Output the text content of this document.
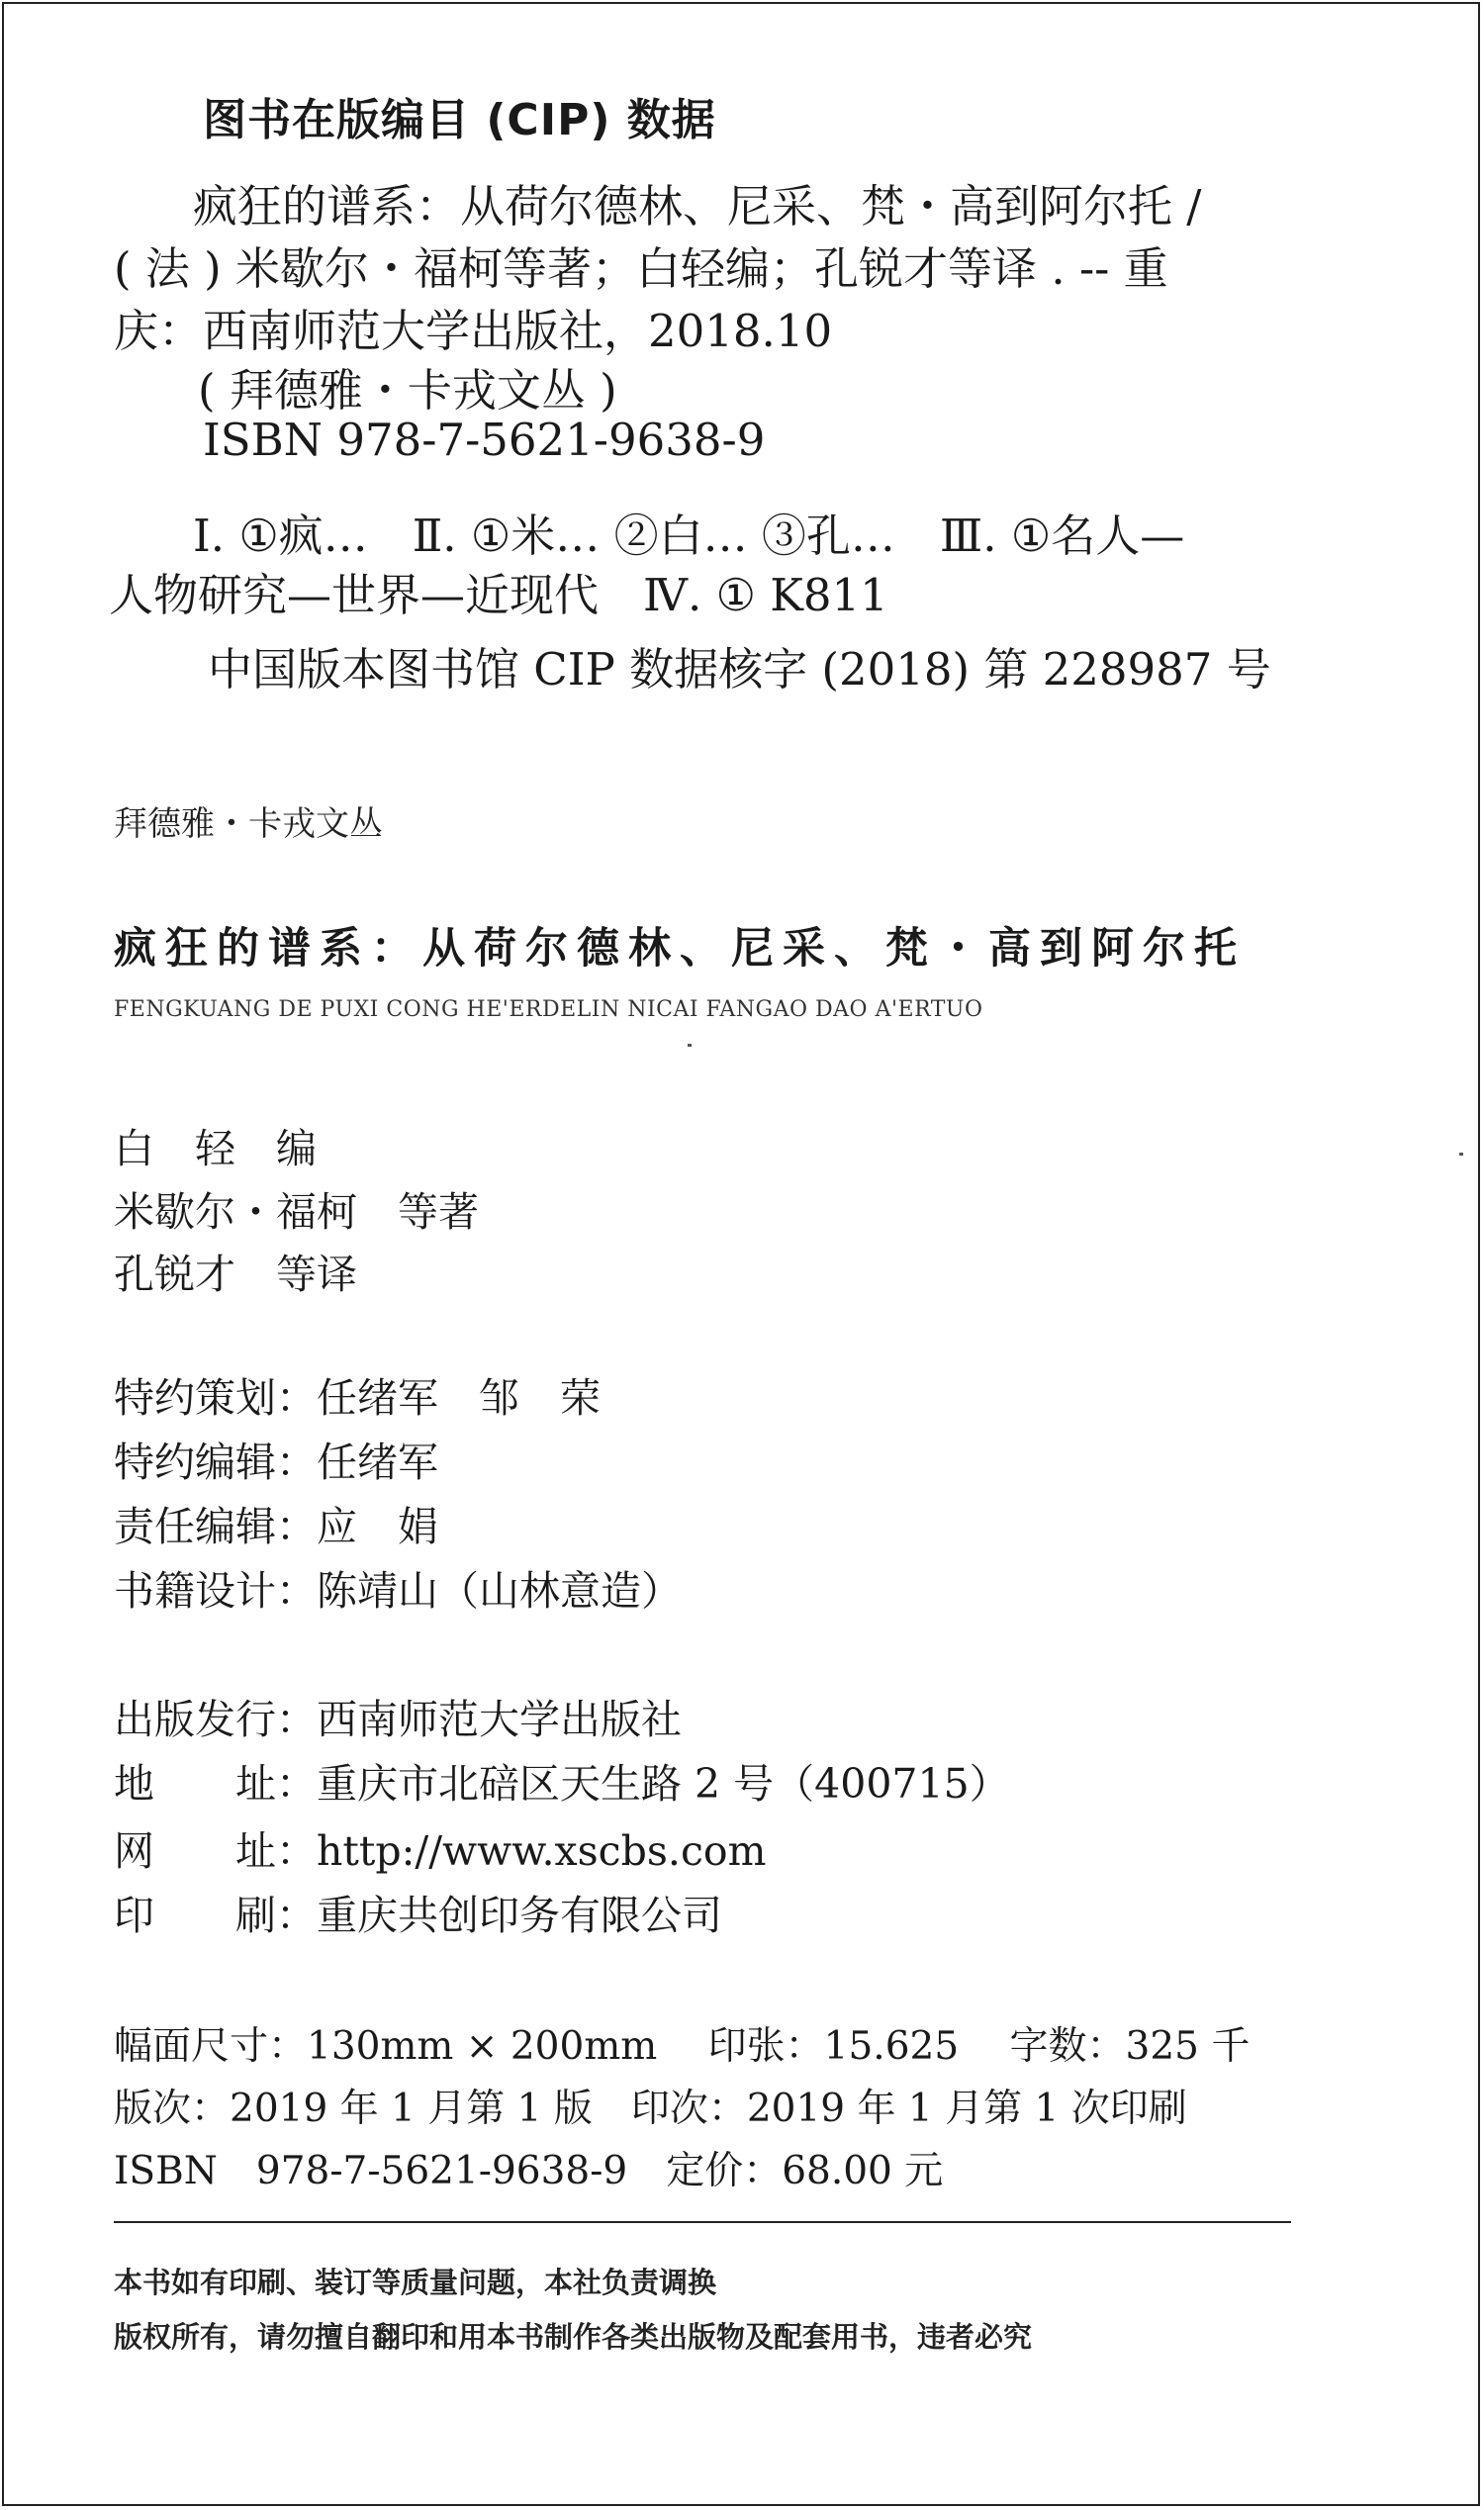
图书在版编目 (CIP) 数据
疯狂的谱系：从荷尔德林、尼采、梵・高到阿尔托 /
( 法 ) 米歇尔・福柯等著；白轻编；孔锐才等译 . -- 重
庆：西南师范大学出版社，2018.10
( 拜德雅・卡戎文丛 )
ISBN 978-7-5621-9638-9
Ⅰ. ①疯…　Ⅱ. ①米… ②白… ③孔…　Ⅲ. ①名人—
人物研究—世界—近现代　Ⅳ. ① K811
中国版本图书馆 CIP 数据核字 (2018) 第 228987 号
拜德雅・卡戎文丛
疯狂的谱系：从荷尔德林、尼采、梵・高到阿尔托
FENGKUANG DE PUXI CONG HE'ERDELIN NICAI FANGAO DAO A'ERTUO
白　轻　编
米歇尔・福柯　等著
孔锐才　等译
特约策划：任绪军　邹　荣
特约编辑：任绪军
责任编辑：应　娟
书籍设计：陈靖山（山林意造）
出版发行：西南师范大学出版社
地　　址：重庆市北碚区天生路 2 号（400715）
网　　址：http://www.xscbs.com
印　　刷：重庆共创印务有限公司
幅面尺寸：130mm × 200mm　 印张：15.625　 字数：325 千
版次：2019 年 1 月第 1 版　印次：2019 年 1 月第 1 次印刷
ISBN　978-7-5621-9638-9　定价：68.00 元
本书如有印刷、装订等质量问题，本社负责调换
版权所有，请勿擅自翻印和用本书制作各类出版物及配套用书，违者必究
